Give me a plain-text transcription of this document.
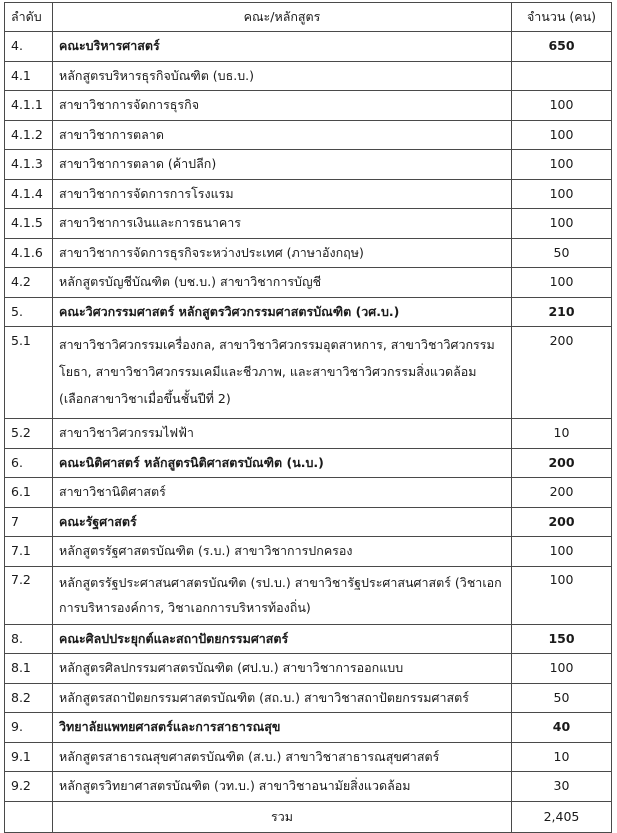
ลำดับ	คณะ/หลักสูตร	จำนวน (คน)
4.	คณะบริหารศาสตร์	650
4.1	หลักสูตรบริหารธุรกิจบัณฑิต (บธ.บ.)	
4.1.1	สาขาวิชาการจัดการธุรกิจ	100
4.1.2	สาขาวิชาการตลาด	100
4.1.3	สาขาวิชาการตลาด (ค้าปลีก)	100
4.1.4	สาขาวิชาการจัดการการโรงแรม	100
4.1.5	สาขาวิชาการเงินและการธนาคาร	100
4.1.6	สาขาวิชาการจัดการธุรกิจระหว่างประเทศ (ภาษาอังกฤษ)	50
4.2	หลักสูตรบัญชีบัณฑิต (บช.บ.) สาขาวิชาการบัญชี	100
5.	คณะวิศวกรรมศาสตร์ หลักสูตรวิศวกรรมศาสตรบัณฑิต (วศ.บ.)	210
5.1	สาขาวิชาวิศวกรรมเครื่องกล, สาขาวิชาวิศวกรรมอุตสาหการ, สาขาวิชาวิศวกรรมโยธา, สาขาวิชาวิศวกรรมเคมีและชีวภาพ, และสาขาวิชาวิศวกรรมสิ่งแวดล้อม (เลือกสาขาวิชาเมื่อขึ้นชั้นปีที่ 2)	200
5.2	สาขาวิชาวิศวกรรมไฟฟ้า	10
6.	คณะนิติศาสตร์ หลักสูตรนิติศาสตรบัณฑิต (น.บ.)	200
6.1	สาขาวิชานิติศาสตร์	200
7	คณะรัฐศาสตร์	200
7.1	หลักสูตรรัฐศาสตรบัณฑิต (ร.บ.) สาขาวิชาการปกครอง	100
7.2	หลักสูตรรัฐประศาสนศาสตรบัณฑิต (รป.บ.) สาขาวิชารัฐประศาสนศาสตร์ (วิชาเอกการบริหารองค์การ, วิชาเอกการบริหารท้องถิ่น)	100
8.	คณะศิลปประยุกต์และสถาปัตยกรรมศาสตร์	150
8.1	หลักสูตรศิลปกรรมศาสตรบัณฑิต (ศป.บ.) สาขาวิชาการออกแบบ	100
8.2	หลักสูตรสถาปัตยกรรมศาสตรบัณฑิต (สถ.บ.) สาขาวิชาสถาปัตยกรรมศาสตร์	50
9.	วิทยาลัยแพทยศาสตร์และการสาธารณสุข	40
9.1	หลักสูตรสาธารณสุขศาสตรบัณฑิต (ส.บ.) สาขาวิชาสาธารณสุขศาสตร์	10
9.2	หลักสูตรวิทยาศาสตรบัณฑิต (วท.บ.) สาขาวิชาอนามัยสิ่งแวดล้อม	30
	รวม	2,405
